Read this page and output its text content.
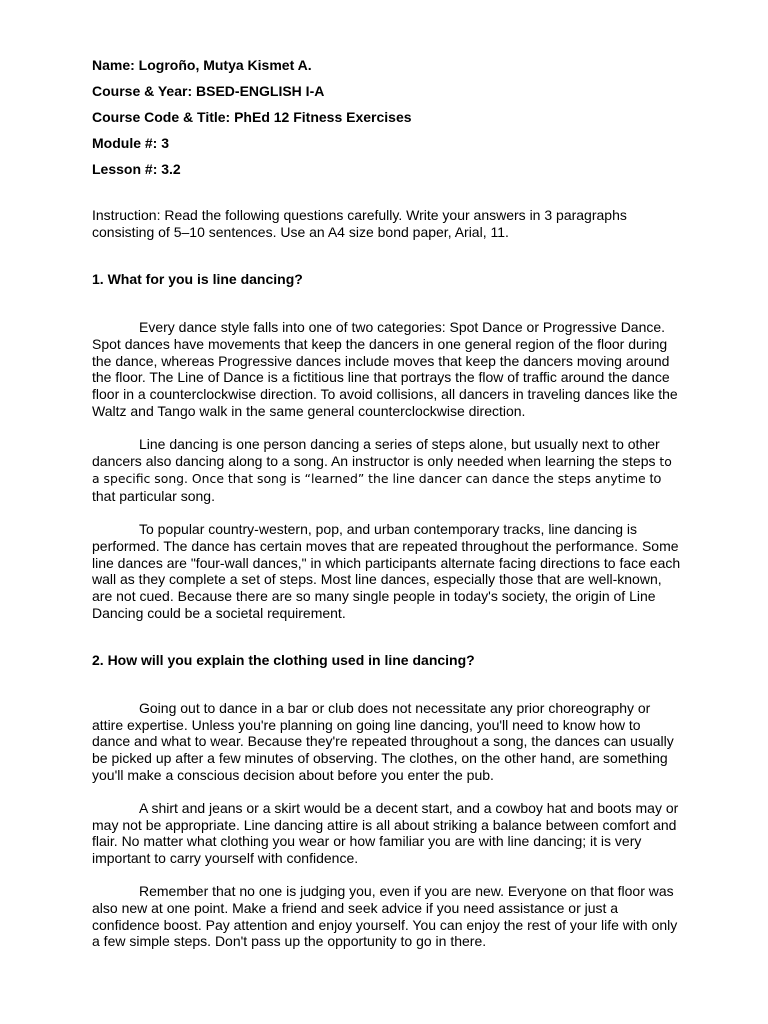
Name: Logroño, Mutya Kismet A.
Course & Year: BSED-ENGLISH I-A
Course Code & Title: PhEd 12 Fitness Exercises
Module #: 3
Lesson #: 3.2
Instruction: Read the following questions carefully. Write your answers in 3 paragraphs consisting of 5–10 sentences. Use an A4 size bond paper, Arial, 11.
1. What for you is line dancing?

Every dance style falls into one of two categories: Spot Dance or Progressive Dance. Spot dances have movements that keep the dancers in one general region of the floor during the dance, whereas Progressive dances include moves that keep the dancers moving around the floor. The Line of Dance is a fictitious line that portrays the flow of traffic around the dance floor in a counterclockwise direction. To avoid collisions, all dancers in traveling dances like the Waltz and Tango walk in the same general counterclockwise direction.

Line dancing is one person dancing a series of steps alone, but usually next to other dancers also dancing along to a song. An instructor is only needed when learning the steps to a specific song. Once that song is “learned” the line dancer can dance the steps anytime to that particular song.

To popular country-western, pop, and urban contemporary tracks, line dancing is performed. The dance has certain moves that are repeated throughout the performance. Some line dances are "four-wall dances," in which participants alternate facing directions to face each wall as they complete a set of steps. Most line dances, especially those that are well-known, are not cued. Because there are so many single people in today's society, the origin of Line Dancing could be a societal requirement.

2. How will you explain the clothing used in line dancing?

Going out to dance in a bar or club does not necessitate any prior choreography or attire expertise. Unless you're planning on going line dancing, you'll need to know how to dance and what to wear. Because they're repeated throughout a song, the dances can usually be picked up after a few minutes of observing. The clothes, on the other hand, are something you'll make a conscious decision about before you enter the pub.

A shirt and jeans or a skirt would be a decent start, and a cowboy hat and boots may or may not be appropriate. Line dancing attire is all about striking a balance between comfort and flair. No matter what clothing you wear or how familiar you are with line dancing; it is very important to carry yourself with confidence.

Remember that no one is judging you, even if you are new. Everyone on that floor was also new at one point. Make a friend and seek advice if you need assistance or just a confidence boost. Pay attention and enjoy yourself. You can enjoy the rest of your life with only a few simple steps. Don't pass up the opportunity to go in there.
